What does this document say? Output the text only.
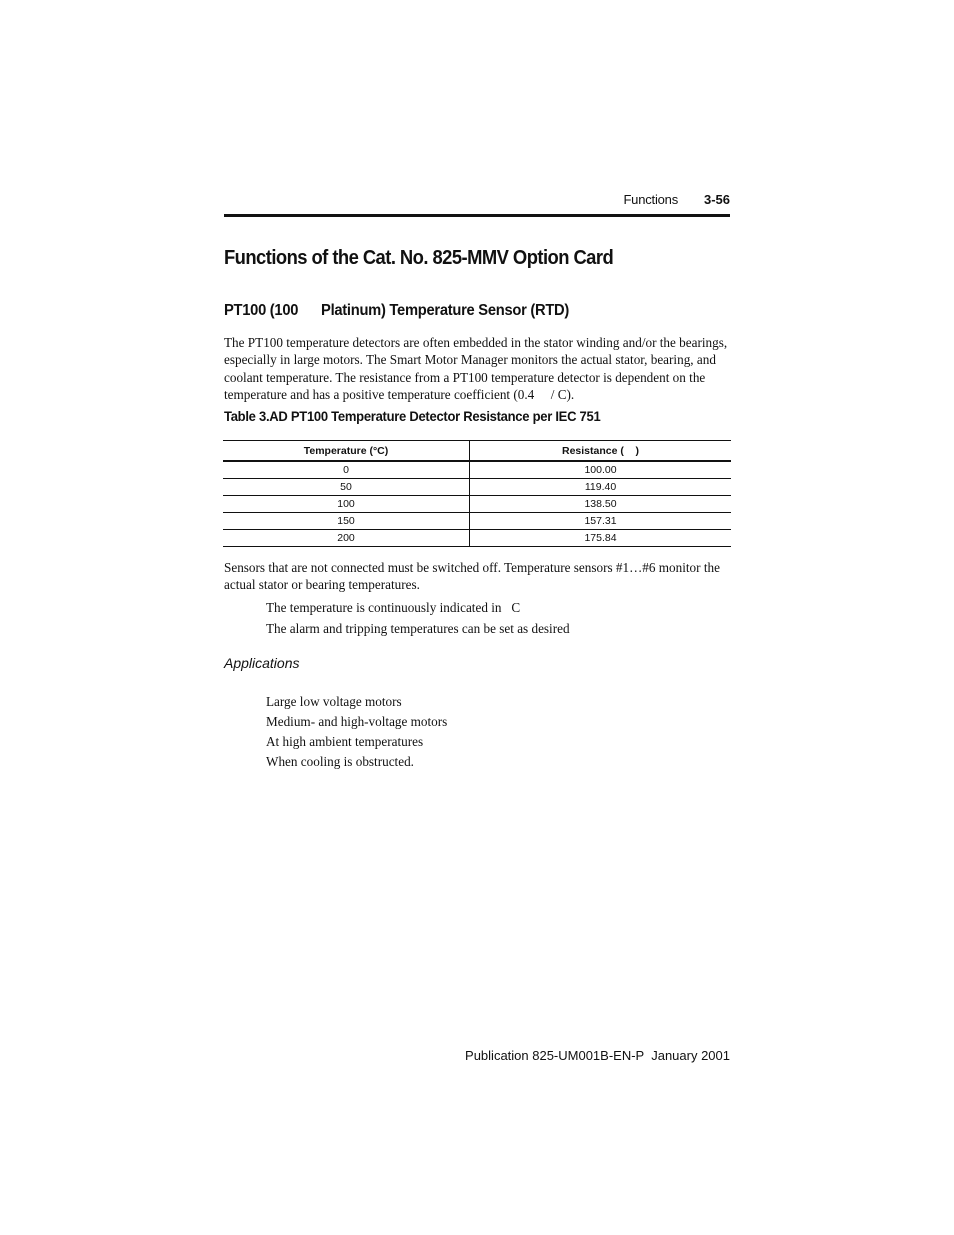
Functions 3-56
Functions of the Cat. No. 825-MMV Option Card
PT100 (100      Platinum) Temperature Sensor (RTD)
The PT100 temperature detectors are often embedded in the stator winding and/or the bearings, especially in large motors. The Smart Motor Manager monitors the actual stator, bearing, and coolant temperature. The resistance from a PT100 temperature detector is dependent on the temperature and has a positive temperature coefficient (0.4     / C).
Table 3.AD PT100 Temperature Detector Resistance per IEC 751
Temperature (°C)	Resistance (    )
0	100.00
50	119.40
100	138.50
150	157.31
200	175.84
Sensors that are not connected must be switched off. Temperature sensors #1…#6 monitor the actual stator or bearing temperatures.
The temperature is continuously indicated in   C
The alarm and tripping temperatures can be set as desired
Applications
Large low voltage motors
Medium- and high-voltage motors
At high ambient temperatures
When cooling is obstructed.
Publication 825-UM001B-EN-P  January 2001
